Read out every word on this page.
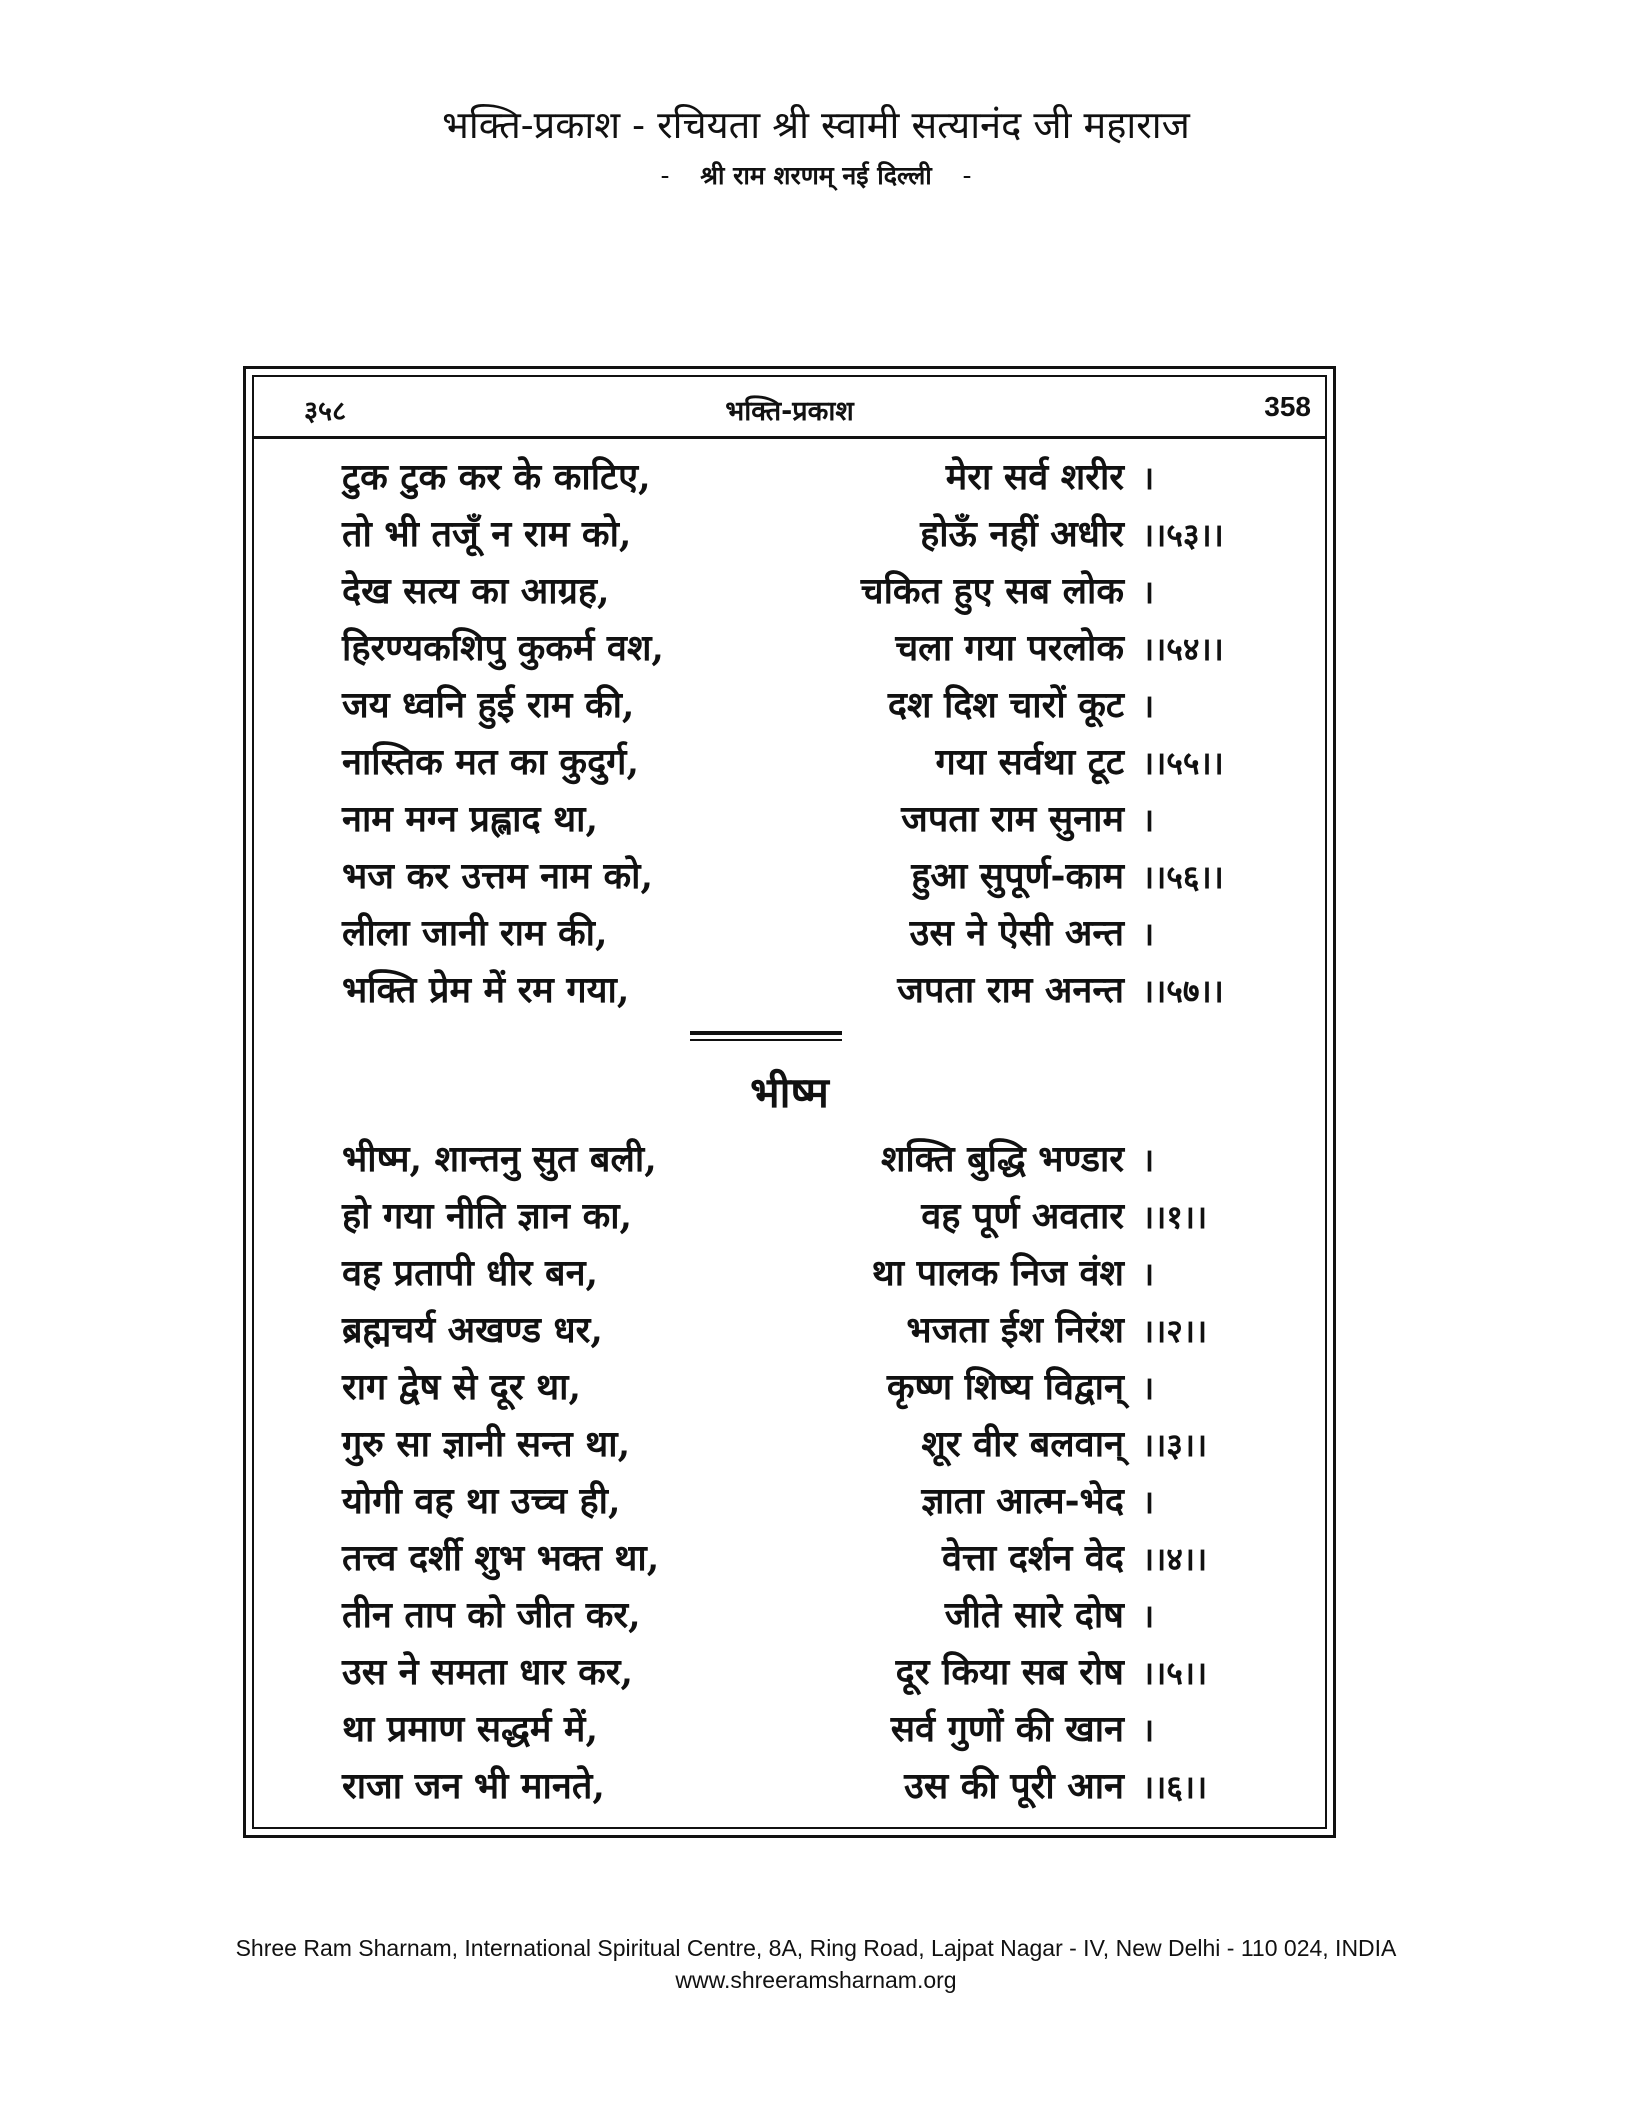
भक्ति-प्रकाश - रचियता श्री स्वामी सत्यानंद जी महाराज
- श्री राम शरणम् नई दिल्ली -
३५८	भक्ति-प्रकाश	358
टुक टुक कर के काटिए,	मेरा सर्व शरीर ।
तो भी तजूँ न राम को,	होऊँ नहीं अधीर ।।५३।।
देख सत्य का आग्रह,	चकित हुए सब लोक ।
हिरण्यकशिपु कुकर्म वश,	चला गया परलोक ।।५४।।
जय ध्वनि हुई राम की,	दश दिश चारों कूट ।
नास्तिक मत का कुदुर्ग,	गया सर्वथा टूट ।।५५।।
नाम मग्न प्रह्लाद था,	जपता राम सुनाम ।
भज कर उत्तम नाम को,	हुआ सुपूर्ण-काम ।।५६।।
लीला जानी राम की,	उस ने ऐसी अन्त ।
भक्ति प्रेम में रम गया,	जपता राम अनन्त ।।५७।।
भीष्म
भीष्म, शान्तनु सुत बली,	शक्ति बुद्धि भण्डार ।
हो गया नीति ज्ञान का,	वह पूर्ण अवतार ।।१।।
वह प्रतापी धीर बन,	था पालक निज वंश ।
ब्रह्मचर्य अखण्ड धर,	भजता ईश निरंश ।।२।।
राग द्वेष से दूर था,	कृष्ण शिष्य विद्वान् ।
गुरु सा ज्ञानी सन्त था,	शूर वीर बलवान् ।।३।।
योगी वह था उच्च ही,	ज्ञाता आत्म-भेद ।
तत्त्व दर्शी शुभ भक्त था,	वेत्ता दर्शन वेद ।।४।।
तीन ताप को जीत कर,	जीते सारे दोष ।
उस ने समता धार कर,	दूर किया सब रोष ।।५।।
था प्रमाण सद्धर्म में,	सर्व गुणों की खान ।
राजा जन भी मानते,	उस की पूरी आन ।।६।।
Shree Ram Sharnam, International Spiritual Centre, 8A, Ring Road, Lajpat Nagar - IV, New Delhi - 110 024, INDIA
www.shreeramsharnam.org
